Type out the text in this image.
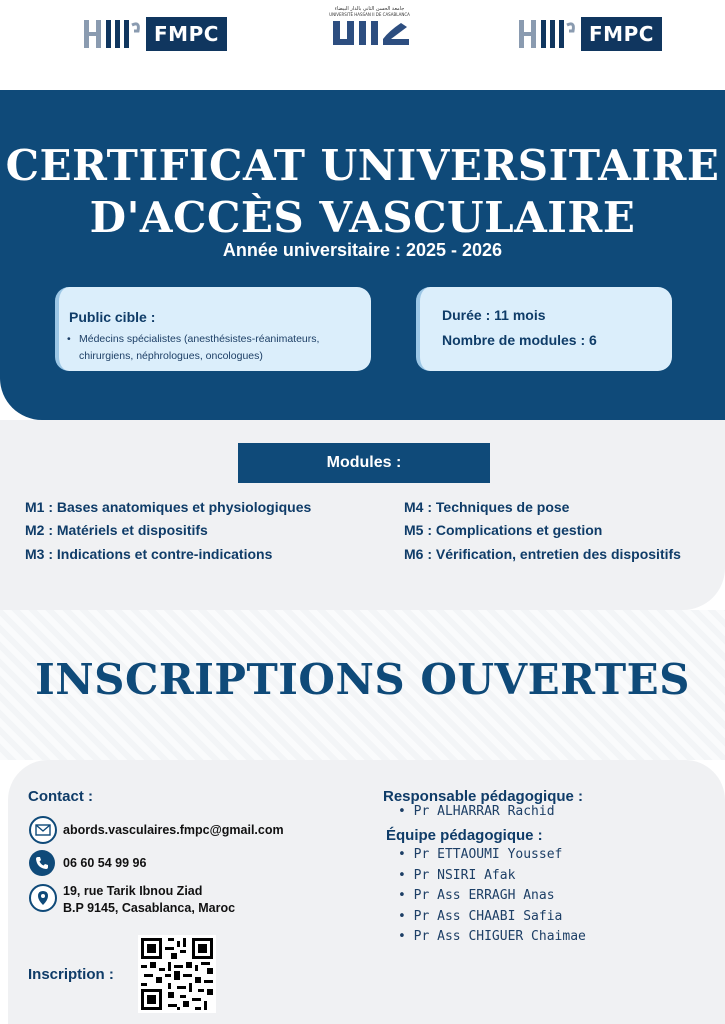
FMPC
جامعة الحسن الثاني بالدار البيضاء
UNIVERSITÉ HASSAN II DE CASABLANCA
FMPC
CERTIFICAT UNIVERSITAIRE
D'ACCÈS VASCULAIRE
Année universitaire : 2025 - 2026
Public cible :
• Médecins spécialistes (anesthésistes-réanimateurs,
chirurgiens, néphrologues, oncologues)
Durée : 11 mois
Nombre de modules : 6
Modules :
M1 : Bases anatomiques et physiologiques
M2 : Matériels et dispositifs
M3 : Indications et contre-indications
M4 : Techniques de pose
M5 : Complications et gestion
M6 : Vérification, entretien des dispositifs
INSCRIPTIONS OUVERTES
Contact :
abords.vasculaires.fmpc@gmail.com
06 60 54 99 96
19, rue Tarik Ibnou Ziad
B.P 9145, Casablanca, Maroc
Inscription :
Responsable pédagogique :
• Pr ALHARRAR Rachid
Équipe pédagogique :
• Pr ETTAOUMI Youssef
• Pr NSIRI Afak
• Pr Ass ERRAGH Anas
• Pr Ass CHAABI Safia
• Pr Ass CHIGUER Chaimae
